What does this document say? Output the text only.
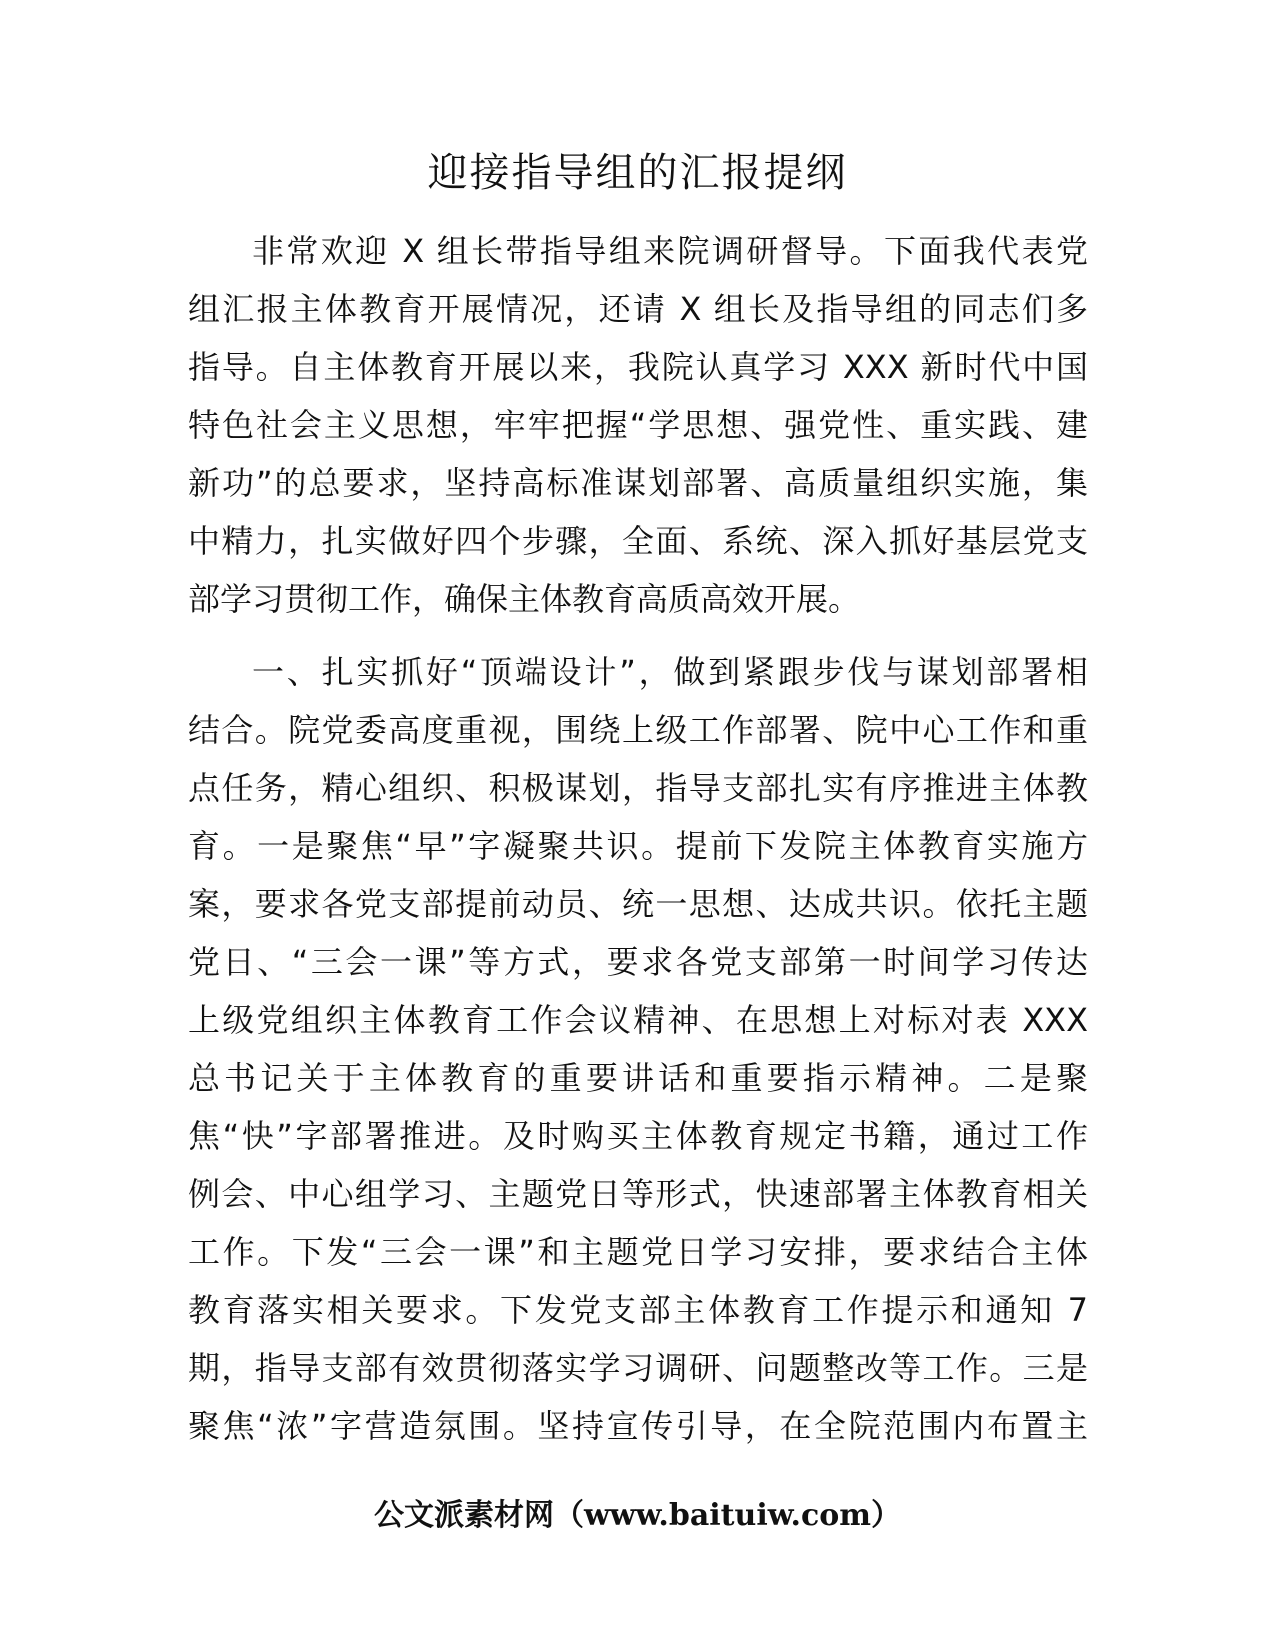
迎接指导组的汇报提纲
非常欢迎 X 组长带指导组来院调研督导。下面我代表党
组汇报主体教育开展情况，还请 X 组长及指导组的同志们多
指导。自主体教育开展以来，我院认真学习 XXX 新时代中国
特色社会主义思想，牢牢把握“学思想、强党性、重实践、建
新功”的总要求，坚持高标准谋划部署、高质量组织实施，集
中精力，扎实做好四个步骤，全面、系统、深入抓好基层党支
部学习贯彻工作，确保主体教育高质高效开展。
一、扎实抓好“顶端设计”，做到紧跟步伐与谋划部署相
结合。院党委高度重视，围绕上级工作部署、院中心工作和重
点任务，精心组织、积极谋划，指导支部扎实有序推进主体教
育。一是聚焦“早”字凝聚共识。提前下发院主体教育实施方
案，要求各党支部提前动员、统一思想、达成共识。依托主题
党日、“三会一课”等方式，要求各党支部第一时间学习传达
上级党组织主体教育工作会议精神、在思想上对标对表 XXX
总书记关于主体教育的重要讲话和重要指示精神。二是聚
焦“快”字部署推进。及时购买主体教育规定书籍，通过工作
例会、中心组学习、主题党日等形式，快速部署主体教育相关
工作。下发“三会一课”和主题党日学习安排，要求结合主体
教育落实相关要求。下发党支部主体教育工作提示和通知 7
期，指导支部有效贯彻落实学习调研、问题整改等工作。三是
聚焦“浓”字营造氛围。坚持宣传引导，在全院范围内布置主
公文派素材网（www.baituiw.com）
